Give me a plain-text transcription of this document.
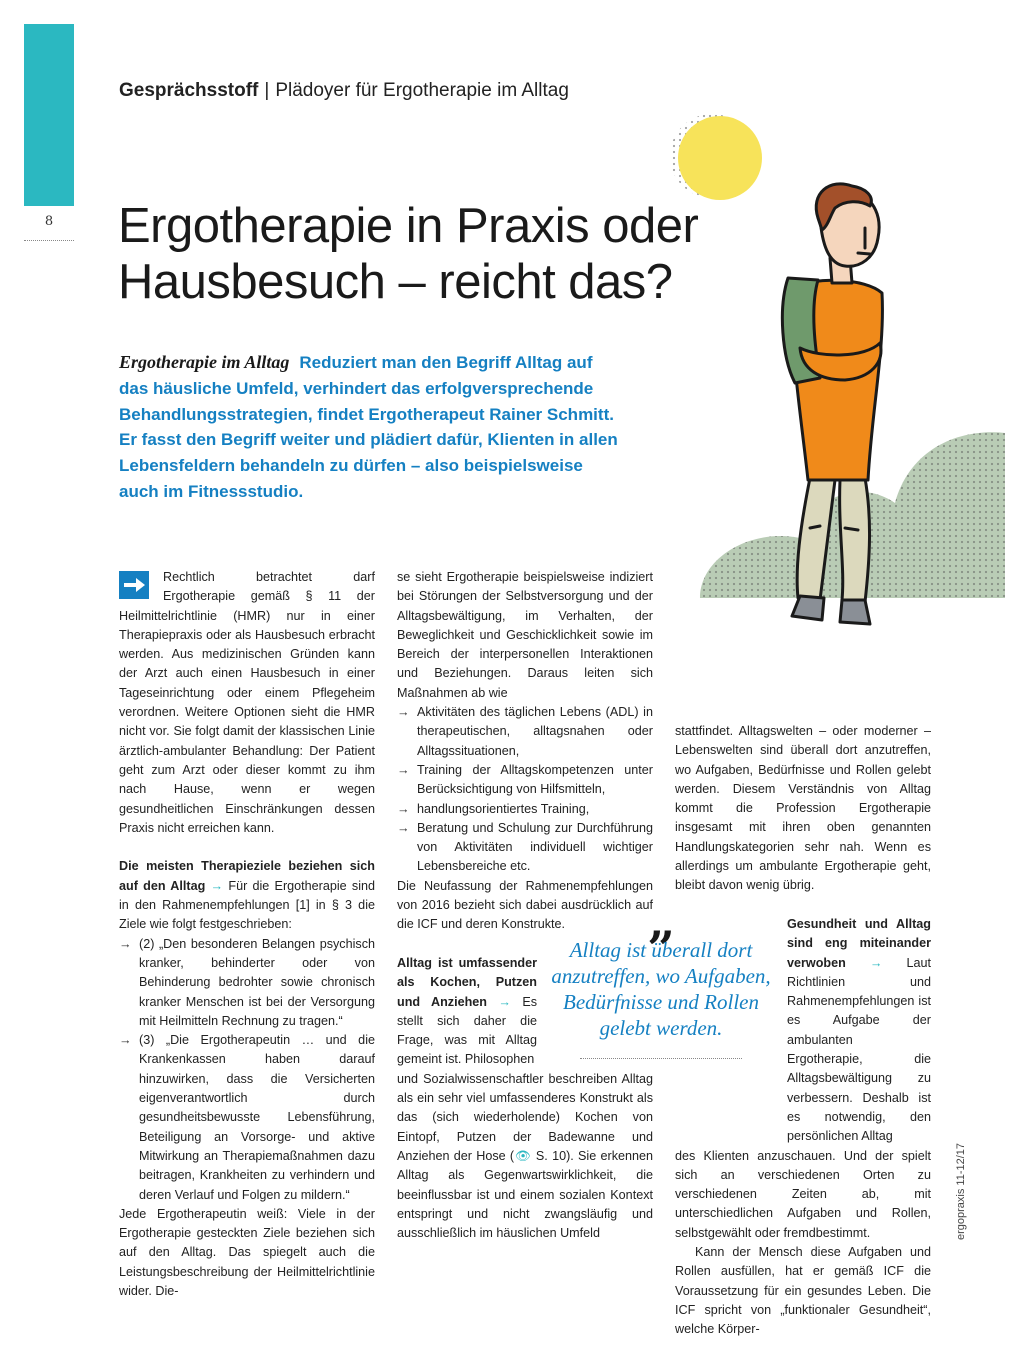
8
Gesprächsstoff | Plädoyer für Ergotherapie im Alltag
Ergotherapie in Praxis oder
Hausbesuch – reicht das?
Ergotherapie im Alltag Reduziert man den Begriff Alltag auf das häusliche Umfeld, verhindert das erfolgversprechende Behandlungsstrategien, findet Ergotherapeut Rainer Schmitt. Er fasst den Begriff weiter und plädiert dafür, Klienten in allen Lebensfeldern behandeln zu dürfen – also beispielsweise auch im Fitnessstudio.

Rechtlich betrachtet darf Ergotherapie gemäß § 11 der Heilmittelrichtlinie (HMR) nur in einer Therapiepraxis oder als Hausbesuch erbracht werden. Aus medizinischen Gründen kann der Arzt auch einen Hausbesuch in einer Tageseinrichtung oder einem Pflegeheim verordnen. Weitere Optionen sieht die HMR nicht vor. Sie folgt damit der klassischen Linie ärztlich-ambulanter Behandlung: Der Patient geht zum Arzt oder dieser kommt zu ihm nach Hause, wenn er wegen gesundheitlichen Einschränkungen dessen Praxis nicht erreichen kann.

Die meisten Therapieziele beziehen sich auf den Alltag → Für die Ergotherapie sind in den Rahmenempfehlungen [1] in § 3 die Ziele wie folgt festgeschrieben:

→ (2) „Den besonderen Belangen psychisch kranker, behinderter oder von Behinderung bedrohter sowie chronisch kranker Menschen ist bei der Versorgung mit Heilmitteln Rechnung zu tragen.“
→ (3) „Die Ergotherapeutin … und die Krankenkassen haben darauf hinzuwirken, dass die Versicherten eigenverantwortlich durch gesundheitsbewusste Lebensführung, Beteiligung an Vorsorge- und aktive Mitwirkung an Therapiemaßnahmen dazu beitragen, Krankheiten zu verhindern und deren Verlauf und Folgen zu mildern.“

Jede Ergotherapeutin weiß: Viele in der Ergotherapie gesteckten Ziele beziehen sich auf den Alltag. Das spiegelt auch die Leistungsbeschreibung der Heilmittelrichtlinie wider. Die-

se sieht Ergotherapie beispielsweise indiziert bei Störungen der Selbstversorgung und der Alltagsbewältigung, im Verhalten, der Beweglichkeit und Geschicklichkeit sowie im Bereich der interpersonellen Interaktionen und Beziehungen. Daraus leiten sich Maßnahmen ab wie

→ Aktivitäten des täglichen Lebens (ADL) in therapeutischen, alltagsnahen oder Alltagssituationen,
→ Training der Alltagskompetenzen unter Berücksichtigung von Hilfsmitteln,
→ handlungsorientiertes Training,
→ Beratung und Schulung zur Durchführung von Aktivitäten individuell wichtiger Lebensbereiche etc.

Die Neufassung der Rahmenempfehlungen von 2016 bezieht sich dabei ausdrücklich auf die ICF und deren Konstrukte.

Alltag ist umfassender als Kochen, Putzen und Anziehen → Es stellt sich daher die Frage, was mit Alltag gemeint ist. Philosophen

und Sozialwissenschaftler beschreiben Alltag als ein sehr viel umfassenderes Konstrukt als das (sich wiederholende) Kochen von Eintopf, Putzen der Badewanne und Anziehen der Hose (👁 S. 10). Sie erkennen Alltag als Gegenwartswirklichkeit, die beeinflussbar ist und einem sozialen Kontext entspringt und nicht zwangsläufig und ausschließlich im häuslichen Umfeld

stattfindet. Alltagswelten – oder moderner – Lebenswelten sind überall dort anzutreffen, wo Aufgaben, Bedürfnisse und Rollen gelebt werden. Diesem Verständnis von Alltag kommt die Profession Ergotherapie insgesamt mit ihren oben genannten Handlungskategorien sehr nah. Wenn es allerdings um ambulante Ergotherapie geht, bleibt davon wenig übrig.

Gesundheit und Alltag sind eng miteinander verwoben → Laut Richtlinien und Rahmenempfehlungen ist es Aufgabe der ambulanten Ergotherapie, die Alltagsbewältigung zu verbessern. Deshalb ist es notwendig, den persönlichen Alltag

des Klienten anzuschauen. Und der spielt sich an verschiedenen Orten zu verschiedenen Zeiten ab, mit unterschiedlichen Aufgaben und Rollen, selbstgewählt oder fremdbestimmt.

Kann der Mensch diese Aufgaben und Rollen ausfüllen, hat er gemäß ICF die Voraussetzung für ein gesundes Leben. Die ICF spricht von „funktionaler Gesundheit“, welche Körper-

„
Alltag ist überall dort anzutreffen, wo Aufgaben, Bedürfnisse und Rollen gelebt werden.
ergopraxis 11-12/17
